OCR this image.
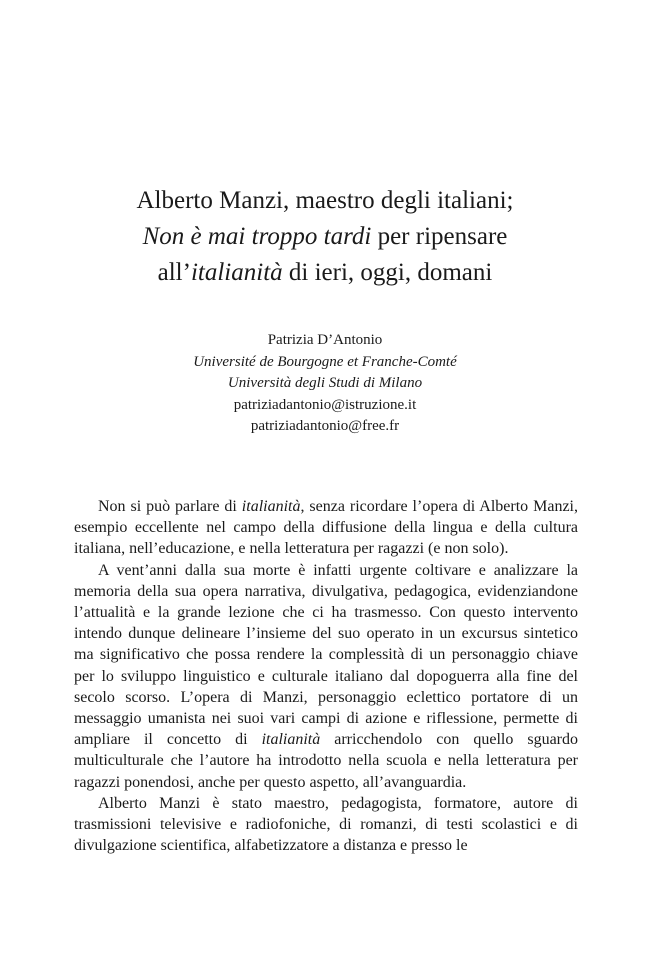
Alberto Manzi, maestro degli italiani;
Non è mai troppo tardi per ripensare
all’italianità di ieri, oggi, domani
Patrizia D’Antonio
Université de Bourgogne et Franche-Comté
Università degli Studi di Milano
patriziadantonio@istruzione.it
patriziadantonio@free.fr

Non si può parlare di italianità, senza ricordare l’opera di Alberto Manzi, esempio eccellente nel campo della diffusione della lingua e della cultura italiana, nell’educazione, e nella letteratura per ragazzi (e non solo).

A vent’anni dalla sua morte è infatti urgente coltivare e analizzare la memoria della sua opera narrativa, divulgativa, pedagogica, evidenziandone l’attualità e la grande lezione che ci ha trasmesso. Con questo intervento intendo dunque delineare l’insieme del suo operato in un excursus sintetico ma significativo che possa rendere la complessità di un personaggio chiave per lo sviluppo linguistico e culturale italiano dal dopoguerra alla fine del secolo scorso. L’opera di Manzi, personaggio eclettico portatore di un messaggio umanista nei suoi vari campi di azione e riflessione, permette di ampliare il concetto di italianità arricchendolo con quello sguardo multiculturale che l’autore ha introdotto nella scuola e nella letteratura per ragazzi ponendosi, anche per questo aspetto, all’avanguardia.

Alberto Manzi è stato maestro, pedagogista, formatore, autore di trasmissioni televisive e radiofoniche, di romanzi, di testi scolastici e di divulgazione scientifica, alfabetizzatore a distanza e presso le
